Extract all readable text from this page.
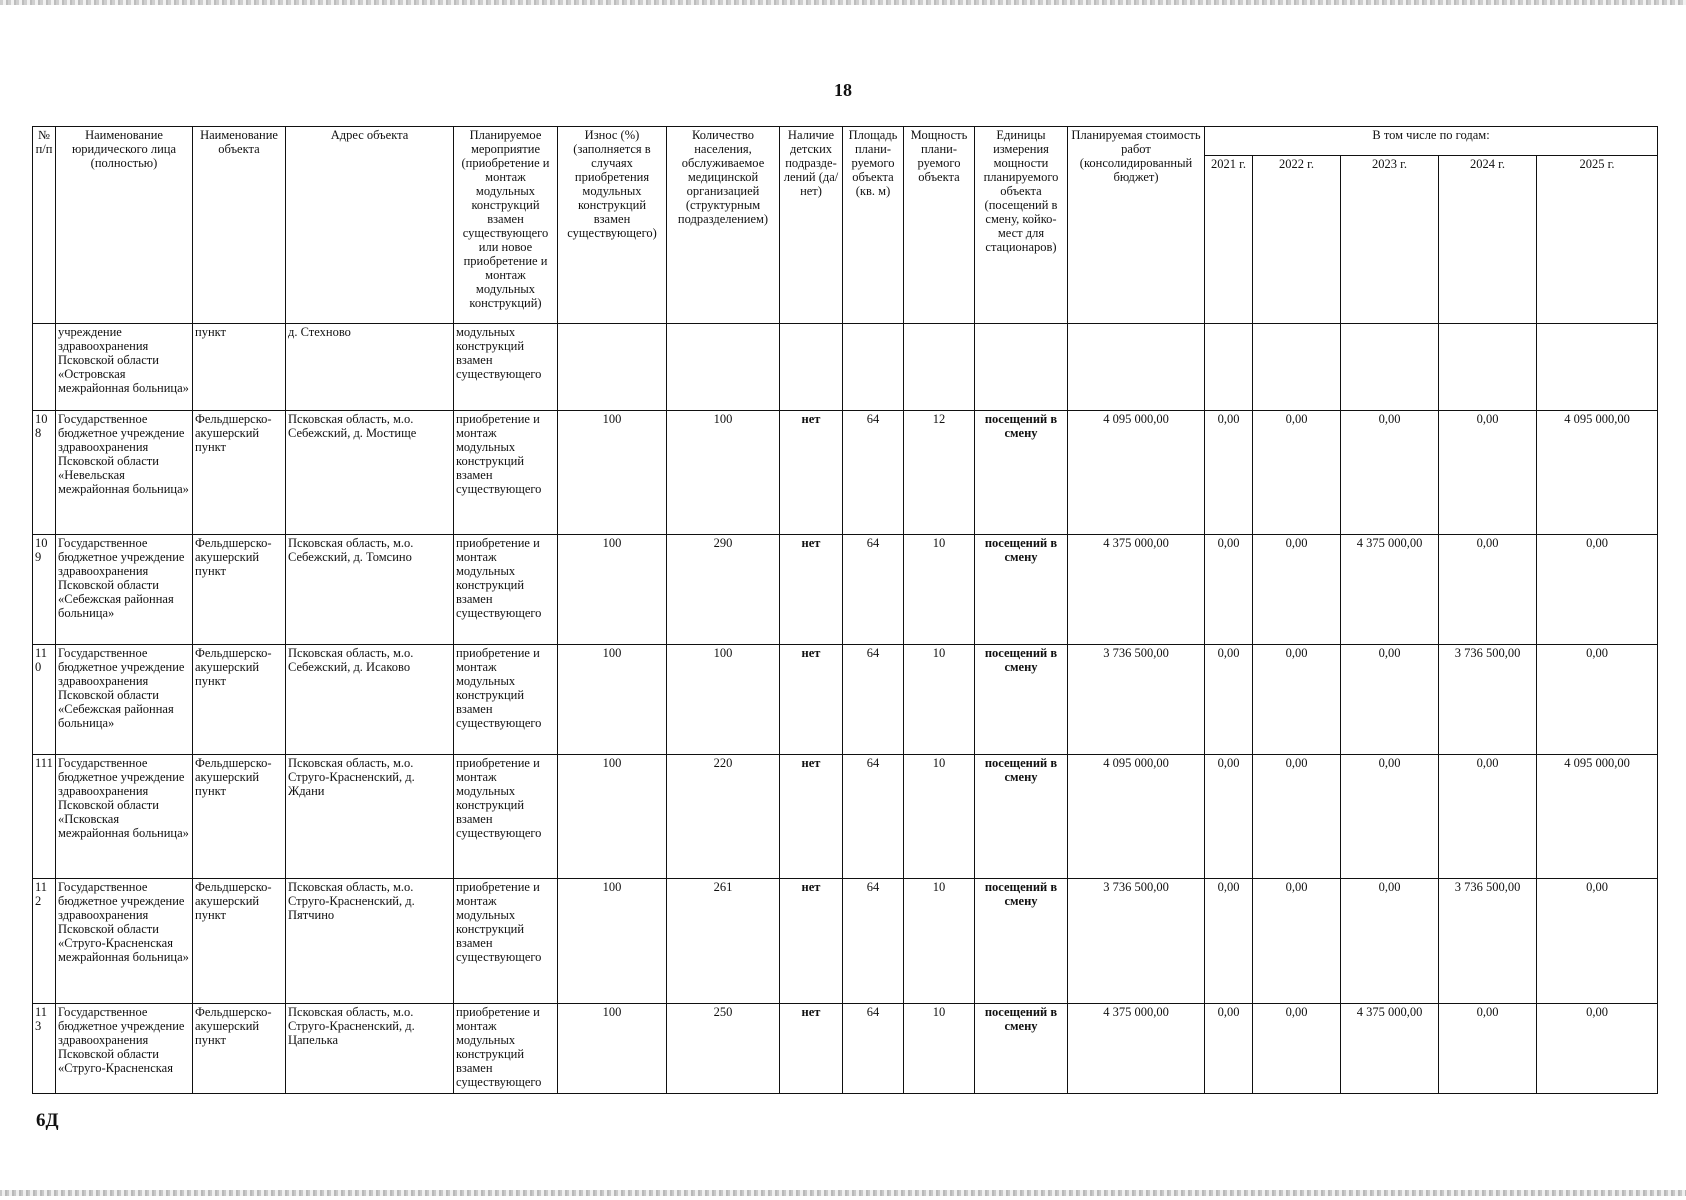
18
№ п/п	Наименование юридического лица (полностью)	Наименование объекта	Адрес объекта	Планируемое мероприятие (приобретение и монтаж модульных конструкций взамен существующего или новое приобретение и монтаж модульных конструкций)	Износ (%) (заполняется в случаях приобретения модульных конструкций взамен существующего)	Количество населения, обслуживаемое медицинской организацией (структурным подразделением)	Наличие детских подразде-лений (да/нет)	Площадь плани-руемого объекта (кв. м)	Мощность плани-руемого объекта	Единицы измерения мощности планируемого объекта (посещений в смену, койко-мест для стационаров)	Планируемая стоимость работ (консолидированный бюджет)	В том числе по годам:				
												2021 г.	2022 г.	2023 г.	2024 г.	2025 г.
	учреждение здравоохранения Псковской области «Островская межрайонная больница»	пункт	д. Стехново	модульных конструкций взамен существующего												
108	Государственное бюджетное учреждение здравоохранения Псковской области «Невельская межрайонная больница»	Фельдшерско-акушерский пункт	Псковская область, м.о. Себежский, д. Мостище	приобретение и монтаж модульных конструкций взамен существующего	100	100	нет	64	12	посещений в смену	4 095 000,00	0,00	0,00	0,00	0,00	4 095 000,00
109	Государственное бюджетное учреждение здравоохранения Псковской области «Себежская районная больница»	Фельдшерско-акушерский пункт	Псковская область, м.о. Себежский, д. Томсино	приобретение и монтаж модульных конструкций взамен существующего	100	290	нет	64	10	посещений в смену	4 375 000,00	0,00	0,00	4 375 000,00	0,00	0,00
110	Государственное бюджетное учреждение здравоохранения Псковской области «Себежская районная больница»	Фельдшерско-акушерский пункт	Псковская область, м.о. Себежский, д. Исаково	приобретение и монтаж модульных конструкций взамен существующего	100	100	нет	64	10	посещений в смену	3 736 500,00	0,00	0,00	0,00	3 736 500,00	0,00
111	Государственное бюджетное учреждение здравоохранения Псковской области «Псковская межрайонная больница»	Фельдшерско-акушерский пункт	Псковская область, м.о. Струго-Красненский, д. Ждани	приобретение и монтаж модульных конструкций взамен существующего	100	220	нет	64	10	посещений в смену	4 095 000,00	0,00	0,00	0,00	0,00	4 095 000,00
112	Государственное бюджетное учреждение здравоохранения Псковской области «Струго-Красненская межрайонная больница»	Фельдшерско-акушерский пункт	Псковская область, м.о. Струго-Красненский, д. Пятчино	приобретение и монтаж модульных конструкций взамен существующего	100	261	нет	64	10	посещений в смену	3 736 500,00	0,00	0,00	0,00	3 736 500,00	0,00
113	Государственное бюджетное учреждение здравоохранения Псковской области «Струго-Красненская	Фельдшерско-акушерский пункт	Псковская область, м.о. Струго-Красненский, д. Цапелька	приобретение и монтаж модульных конструкций взамен существующего	100	250	нет	64	10	посещений в смену	4 375 000,00	0,00	0,00	4 375 000,00	0,00	0,00
6Д
